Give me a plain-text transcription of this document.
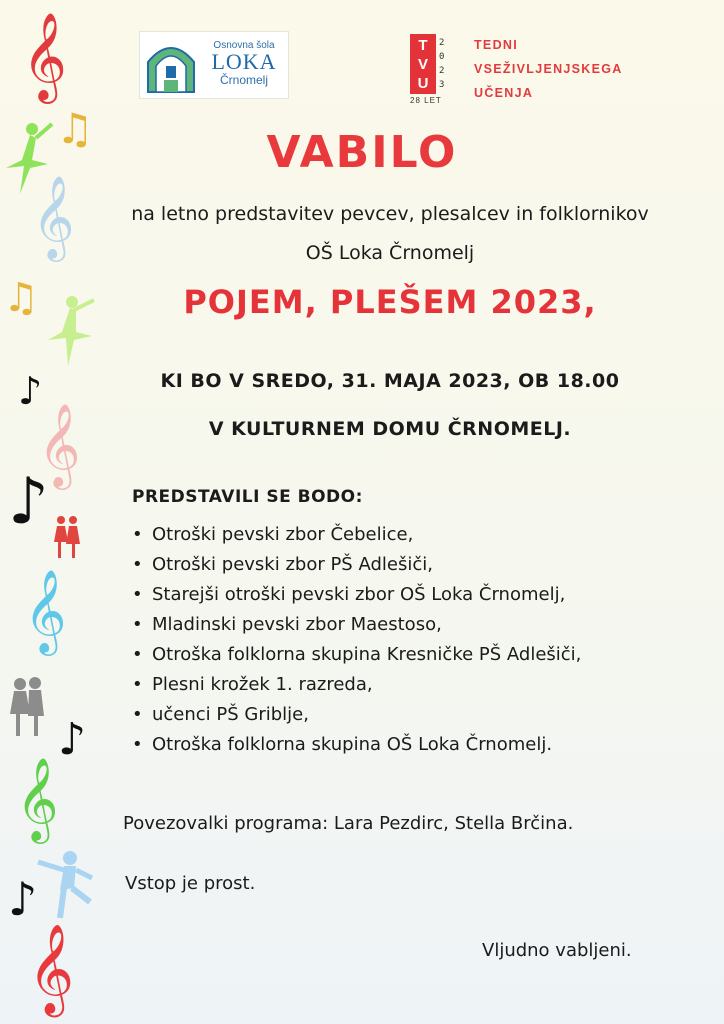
𝄞
♫
𝄞
♫
♪
𝄞
♪
𝄞
♪
𝄞
♪
𝄞
Osnovna šola
LOKA
Črnomelj
T
V
U
2
0
2
3
28 LET
TEDNI
VSEŽIVLJENJSKEGA
UČENJA
VABILO
na letno predstavitev pevcev, plesalcev in folklornikov
OŠ Loka Črnomelj
POJEM, PLEŠEM 2023,
KI BO V SREDO, 31. MAJA 2023, OB 18.00
V KULTURNEM DOMU ČRNOMELJ.
PREDSTAVILI SE BODO:
• Otroški pevski zbor Čebelice,
• Otroški pevski zbor PŠ Adlešiči,
• Starejši otroški pevski zbor OŠ Loka Črnomelj,
• Mladinski pevski zbor Maestoso,
• Otroška folklorna skupina Kresničke PŠ Adlešiči,
• Plesni krožek 1. razreda,
• učenci PŠ Griblje,
• Otroška folklorna skupina OŠ Loka Črnomelj.
Povezovalki programa: Lara Pezdirc, Stella Brčina.
Vstop je prost.
Vljudno vabljeni.
